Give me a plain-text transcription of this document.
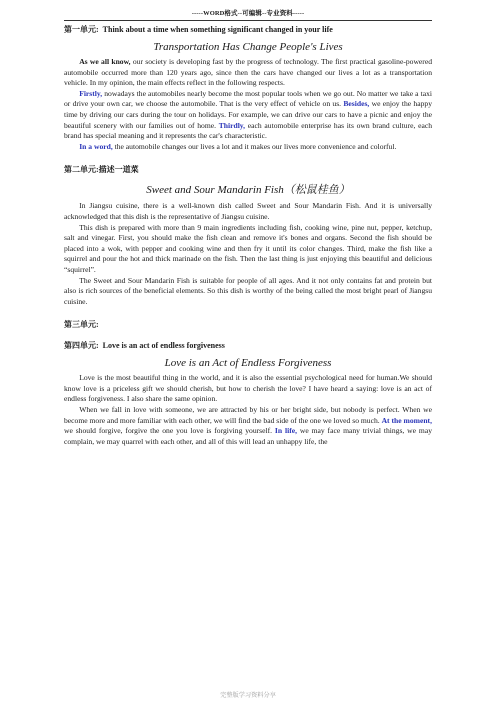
-----WORD格式--可编辑--专业资料-----
第一单元: Think about a time when something significant changed in your life
Transportation Has Change People's Lives

As we all know, our society is developing fast by the progress of technology. The first practical gasoline-powered automobile occurred more than 120 years ago, since then the cars have changed our lives a lot as a transportation vehicle. In my opinion, the main effects reflect in the following respects.

Firstly, nowadays the automobiles nearly become the most popular tools when we go out. No matter we take a taxi or drive your own car, we choose the automobile. That is the very effect of vehicle on us. Besides, we enjoy the happy time by driving our cars during the tour on holidays. For example, we can drive our cars to have a picnic and enjoy the beautiful scenery with our families out of home. Thirdly, each automobile enterprise has its own brand culture, each brand has special meaning and it represents the car's characteristic.

In a word, the automobile changes our lives a lot and it makes our lives more convenience and colorful.

第二单元:描述一道菜
Sweet and Sour Mandarin Fish（松鼠桂鱼）

In Jiangsu cuisine, there is a well-known dish called Sweet and Sour Mandarin Fish. And it is universally acknowledged that this dish is the representative of Jiangsu cuisine.

This dish is prepared with more than 9 main ingredients including fish, cooking wine, pine nut, pepper, ketchup, salt and vinegar. First, you should make the fish clean and remove it's bones and organs. Second the fish should be placed into a wok, with pepper and cooking wine and then fry it until its color changes. Third, make the fish like a squirrel and pour the hot and thick marinade on the fish. Then the last thing is just enjoying this beautiful and delicious “squirrel”.

The Sweet and Sour Mandarin Fish is suitable for people of all ages. And it not only contains fat and protein but also is rich sources of the beneficial elements. So this dish is worthy of the being called the most bright pearl of Jiangsu cuisine.

第三单元:
第四单元: Love is an act of endless forgiveness
Love is an Act of Endless Forgiveness

Love is the most beautiful thing in the world, and it is also the essential psychological need for human.We should know love is a priceless gift we should cherish, but how to cherish the love? I have heard a saying: love is an act of endless forgiveness. I also share the same opinion.

When we fall in love with someone, we are attracted by his or her bright side, but nobody is perfect. When we become more and more familiar with each other, we will find the bad side of the one we loved so much. At the moment, we should forgive, forgive the one you love is forgiving yourself. In life, we may face many trivial things, we may complain, we may quarrel with each other, and all of this will lead an unhappy life, the

完整版学习资料分享
